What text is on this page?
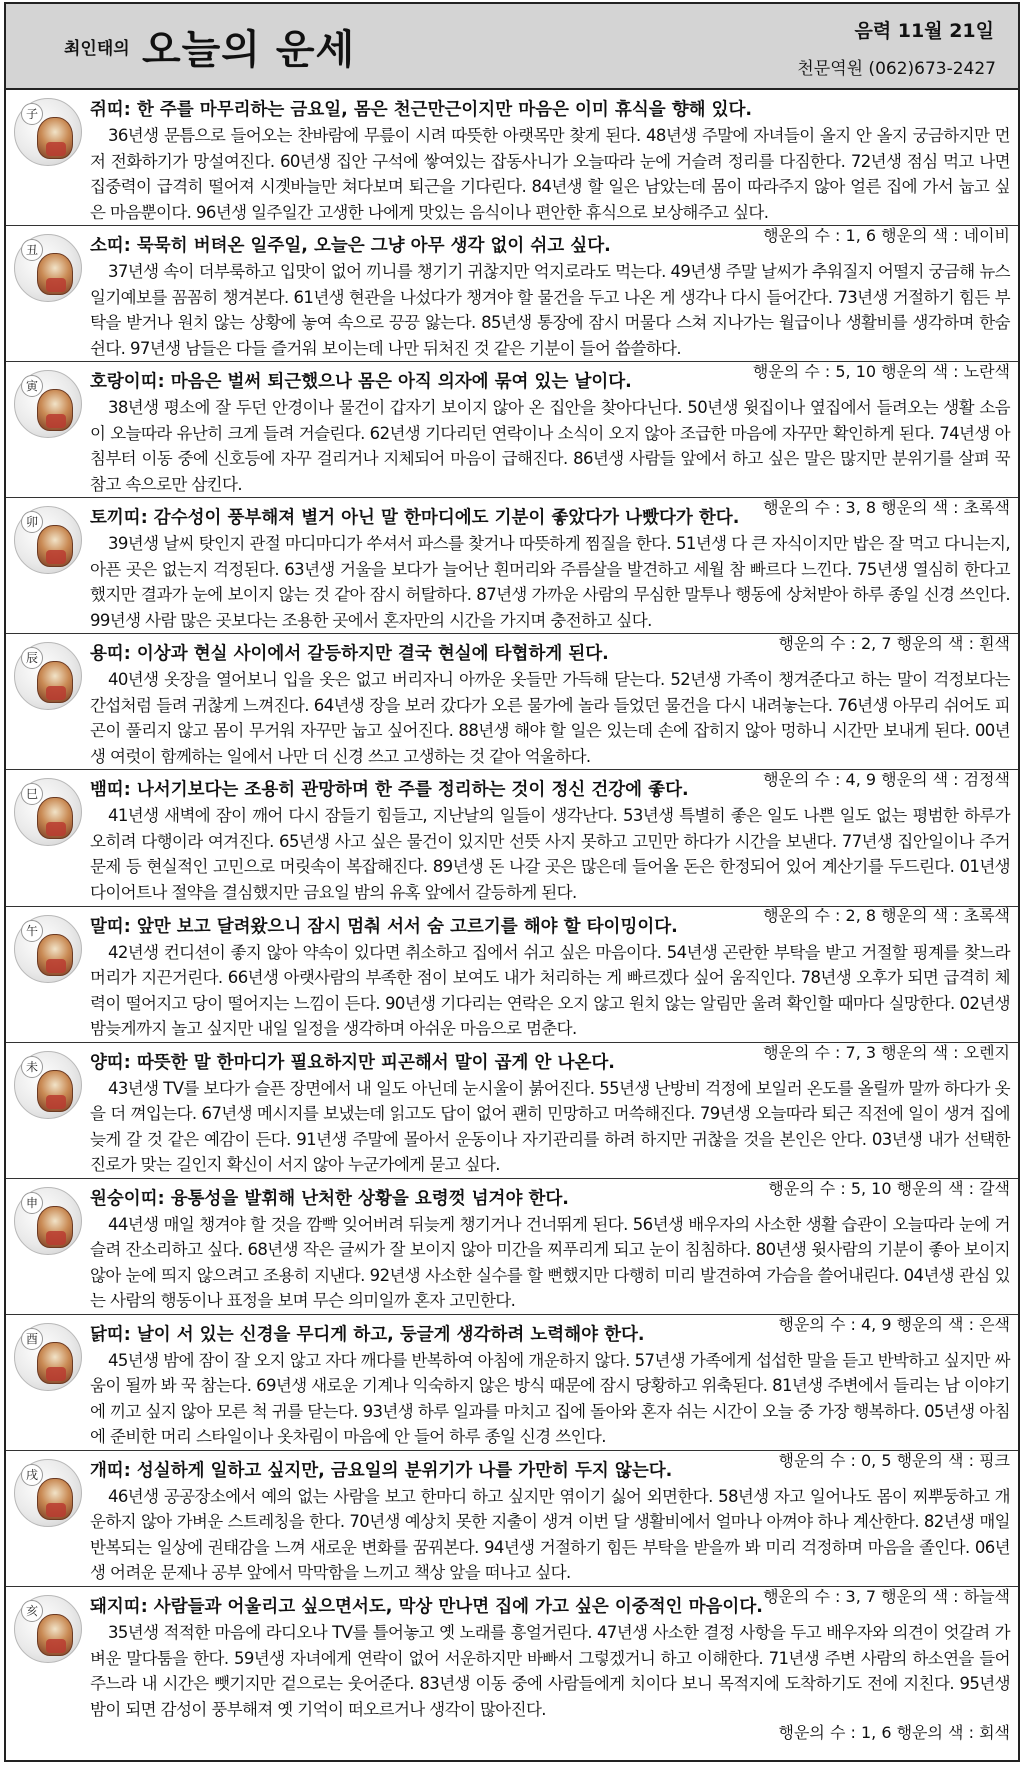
최인태의 오늘의 운세	음력 11월 21일
천문역원 (062)673-2427
子	쥐띠: 한 주를 마무리하는 금요일, 몸은 천근만근이지만 마음은 이미 휴식을 향해 있다.
36년생 문틈으로 들어오는 찬바람에 무릎이 시려 따뜻한 아랫목만 찾게 된다. 48년생 주말에 자녀들이 올지 안 올지 궁금하지만 먼저 전화하기가 망설여진다. 60년생 집안 구석에 쌓여있는 잡동사니가 오늘따라 눈에 거슬려 정리를 다짐한다. 72년생 점심 먹고 나면 집중력이 급격히 떨어져 시곗바늘만 쳐다보며 퇴근을 기다린다. 84년생 할 일은 남았는데 몸이 따라주지 않아 얼른 집에 가서 눕고 싶은 마음뿐이다. 96년생 일주일간 고생한 나에게 맛있는 음식이나 편안한 휴식으로 보상해주고 싶다.
행운의 수 : 1, 6 행운의 색 : 네이비
丑	소띠: 묵묵히 버텨온 일주일, 오늘은 그냥 아무 생각 없이 쉬고 싶다.
37년생 속이 더부룩하고 입맛이 없어 끼니를 챙기기 귀찮지만 억지로라도 먹는다. 49년생 주말 날씨가 추워질지 어떨지 궁금해 뉴스 일기예보를 꼼꼼히 챙겨본다. 61년생 현관을 나섰다가 챙겨야 할 물건을 두고 나온 게 생각나 다시 들어간다. 73년생 거절하기 힘든 부탁을 받거나 원치 않는 상황에 놓여 속으로 끙끙 앓는다. 85년생 통장에 잠시 머물다 스쳐 지나가는 월급이나 생활비를 생각하며 한숨 쉰다. 97년생 남들은 다들 즐거워 보이는데 나만 뒤처진 것 같은 기분이 들어 씁쓸하다.
행운의 수 : 5, 10 행운의 색 : 노란색
寅	호랑이띠: 마음은 벌써 퇴근했으나 몸은 아직 의자에 묶여 있는 날이다.
38년생 평소에 잘 두던 안경이나 물건이 갑자기 보이지 않아 온 집안을 찾아다닌다. 50년생 윗집이나 옆집에서 들려오는 생활 소음이 오늘따라 유난히 크게 들려 거슬린다. 62년생 기다리던 연락이나 소식이 오지 않아 조급한 마음에 자꾸만 확인하게 된다. 74년생 아침부터 이동 중에 신호등에 자꾸 걸리거나 지체되어 마음이 급해진다. 86년생 사람들 앞에서 하고 싶은 말은 많지만 분위기를 살펴 꾹 참고 속으로만 삼킨다.
행운의 수 : 3, 8 행운의 색 : 초록색
卯	토끼띠: 감수성이 풍부해져 별거 아닌 말 한마디에도 기분이 좋았다가 나빴다가 한다.
39년생 날씨 탓인지 관절 마디마디가 쑤셔서 파스를 찾거나 따뜻하게 찜질을 한다. 51년생 다 큰 자식이지만 밥은 잘 먹고 다니는지, 아픈 곳은 없는지 걱정된다. 63년생 거울을 보다가 늘어난 흰머리와 주름살을 발견하고 세월 참 빠르다 느낀다. 75년생 열심히 한다고 했지만 결과가 눈에 보이지 않는 것 같아 잠시 허탈하다. 87년생 가까운 사람의 무심한 말투나 행동에 상처받아 하루 종일 신경 쓰인다. 99년생 사람 많은 곳보다는 조용한 곳에서 혼자만의 시간을 가지며 충전하고 싶다.
행운의 수 : 2, 7 행운의 색 : 흰색
辰	용띠: 이상과 현실 사이에서 갈등하지만 결국 현실에 타협하게 된다.
40년생 옷장을 열어보니 입을 옷은 없고 버리자니 아까운 옷들만 가득해 닫는다. 52년생 가족이 챙겨준다고 하는 말이 걱정보다는 간섭처럼 들려 귀찮게 느껴진다. 64년생 장을 보러 갔다가 오른 물가에 놀라 들었던 물건을 다시 내려놓는다. 76년생 아무리 쉬어도 피곤이 풀리지 않고 몸이 무거워 자꾸만 눕고 싶어진다. 88년생 해야 할 일은 있는데 손에 잡히지 않아 멍하니 시간만 보내게 된다. 00년생 여럿이 함께하는 일에서 나만 더 신경 쓰고 고생하는 것 같아 억울하다.
행운의 수 : 4, 9 행운의 색 : 검정색
巳	뱀띠: 나서기보다는 조용히 관망하며 한 주를 정리하는 것이 정신 건강에 좋다.
41년생 새벽에 잠이 깨어 다시 잠들기 힘들고, 지난날의 일들이 생각난다. 53년생 특별히 좋은 일도 나쁜 일도 없는 평범한 하루가 오히려 다행이라 여겨진다. 65년생 사고 싶은 물건이 있지만 선뜻 사지 못하고 고민만 하다가 시간을 보낸다. 77년생 집안일이나 주거 문제 등 현실적인 고민으로 머릿속이 복잡해진다. 89년생 돈 나갈 곳은 많은데 들어올 돈은 한정되어 있어 계산기를 두드린다. 01년생 다이어트나 절약을 결심했지만 금요일 밤의 유혹 앞에서 갈등하게 된다.
행운의 수 : 2, 8 행운의 색 : 초록색
午	말띠: 앞만 보고 달려왔으니 잠시 멈춰 서서 숨 고르기를 해야 할 타이밍이다.
42년생 컨디션이 좋지 않아 약속이 있다면 취소하고 집에서 쉬고 싶은 마음이다. 54년생 곤란한 부탁을 받고 거절할 핑계를 찾느라 머리가 지끈거린다. 66년생 아랫사람의 부족한 점이 보여도 내가 처리하는 게 빠르겠다 싶어 움직인다. 78년생 오후가 되면 급격히 체력이 떨어지고 당이 떨어지는 느낌이 든다. 90년생 기다리는 연락은 오지 않고 원치 않는 알림만 울려 확인할 때마다 실망한다. 02년생 밤늦게까지 놀고 싶지만 내일 일정을 생각하며 아쉬운 마음으로 멈춘다.
행운의 수 : 7, 3 행운의 색 : 오렌지
未	양띠: 따뜻한 말 한마디가 필요하지만 피곤해서 말이 곱게 안 나온다.
43년생 TV를 보다가 슬픈 장면에서 내 일도 아닌데 눈시울이 붉어진다. 55년생 난방비 걱정에 보일러 온도를 올릴까 말까 하다가 옷을 더 껴입는다. 67년생 메시지를 보냈는데 읽고도 답이 없어 괜히 민망하고 머쓱해진다. 79년생 오늘따라 퇴근 직전에 일이 생겨 집에 늦게 갈 것 같은 예감이 든다. 91년생 주말에 몰아서 운동이나 자기관리를 하려 하지만 귀찮을 것을 본인은 안다. 03년생 내가 선택한 진로가 맞는 길인지 확신이 서지 않아 누군가에게 묻고 싶다.
행운의 수 : 5, 10 행운의 색 : 갈색
申	원숭이띠: 융통성을 발휘해 난처한 상황을 요령껏 넘겨야 한다.
44년생 매일 챙겨야 할 것을 깜빡 잊어버려 뒤늦게 챙기거나 건너뛰게 된다. 56년생 배우자의 사소한 생활 습관이 오늘따라 눈에 거슬려 잔소리하고 싶다. 68년생 작은 글씨가 잘 보이지 않아 미간을 찌푸리게 되고 눈이 침침하다. 80년생 윗사람의 기분이 좋아 보이지 않아 눈에 띄지 않으려고 조용히 지낸다. 92년생 사소한 실수를 할 뻔했지만 다행히 미리 발견하여 가슴을 쓸어내린다. 04년생 관심 있는 사람의 행동이나 표정을 보며 무슨 의미일까 혼자 고민한다.
행운의 수 : 4, 9 행운의 색 : 은색
酉	닭띠: 날이 서 있는 신경을 무디게 하고, 둥글게 생각하려 노력해야 한다.
45년생 밤에 잠이 잘 오지 않고 자다 깨다를 반복하여 아침에 개운하지 않다. 57년생 가족에게 섭섭한 말을 듣고 반박하고 싶지만 싸움이 될까 봐 꾹 참는다. 69년생 새로운 기계나 익숙하지 않은 방식 때문에 잠시 당황하고 위축된다. 81년생 주변에서 들리는 남 이야기에 끼고 싶지 않아 모른 척 귀를 닫는다. 93년생 하루 일과를 마치고 집에 돌아와 혼자 쉬는 시간이 오늘 중 가장 행복하다. 05년생 아침에 준비한 머리 스타일이나 옷차림이 마음에 안 들어 하루 종일 신경 쓰인다.
행운의 수 : 0, 5 행운의 색 : 핑크
戌	개띠: 성실하게 일하고 싶지만, 금요일의 분위기가 나를 가만히 두지 않는다.
46년생 공공장소에서 예의 없는 사람을 보고 한마디 하고 싶지만 엮이기 싫어 외면한다. 58년생 자고 일어나도 몸이 찌뿌둥하고 개운하지 않아 가벼운 스트레칭을 한다. 70년생 예상치 못한 지출이 생겨 이번 달 생활비에서 얼마나 아껴야 하나 계산한다. 82년생 매일 반복되는 일상에 권태감을 느껴 새로운 변화를 꿈꿔본다. 94년생 거절하기 힘든 부탁을 받을까 봐 미리 걱정하며 마음을 졸인다. 06년생 어려운 문제나 공부 앞에서 막막함을 느끼고 책상 앞을 떠나고 싶다.
행운의 수 : 3, 7 행운의 색 : 하늘색
亥	돼지띠: 사람들과 어울리고 싶으면서도, 막상 만나면 집에 가고 싶은 이중적인 마음이다.
35년생 적적한 마음에 라디오나 TV를 틀어놓고 옛 노래를 흥얼거린다. 47년생 사소한 결정 사항을 두고 배우자와 의견이 엇갈려 가벼운 말다툼을 한다. 59년생 자녀에게 연락이 없어 서운하지만 바빠서 그렇겠거니 하고 이해한다. 71년생 주변 사람의 하소연을 들어주느라 내 시간은 뺏기지만 겉으로는 웃어준다. 83년생 이동 중에 사람들에게 치이다 보니 목적지에 도착하기도 전에 지친다. 95년생 밤이 되면 감성이 풍부해져 옛 기억이 떠오르거나 생각이 많아진다.
행운의 수 : 1, 6 행운의 색 : 회색
